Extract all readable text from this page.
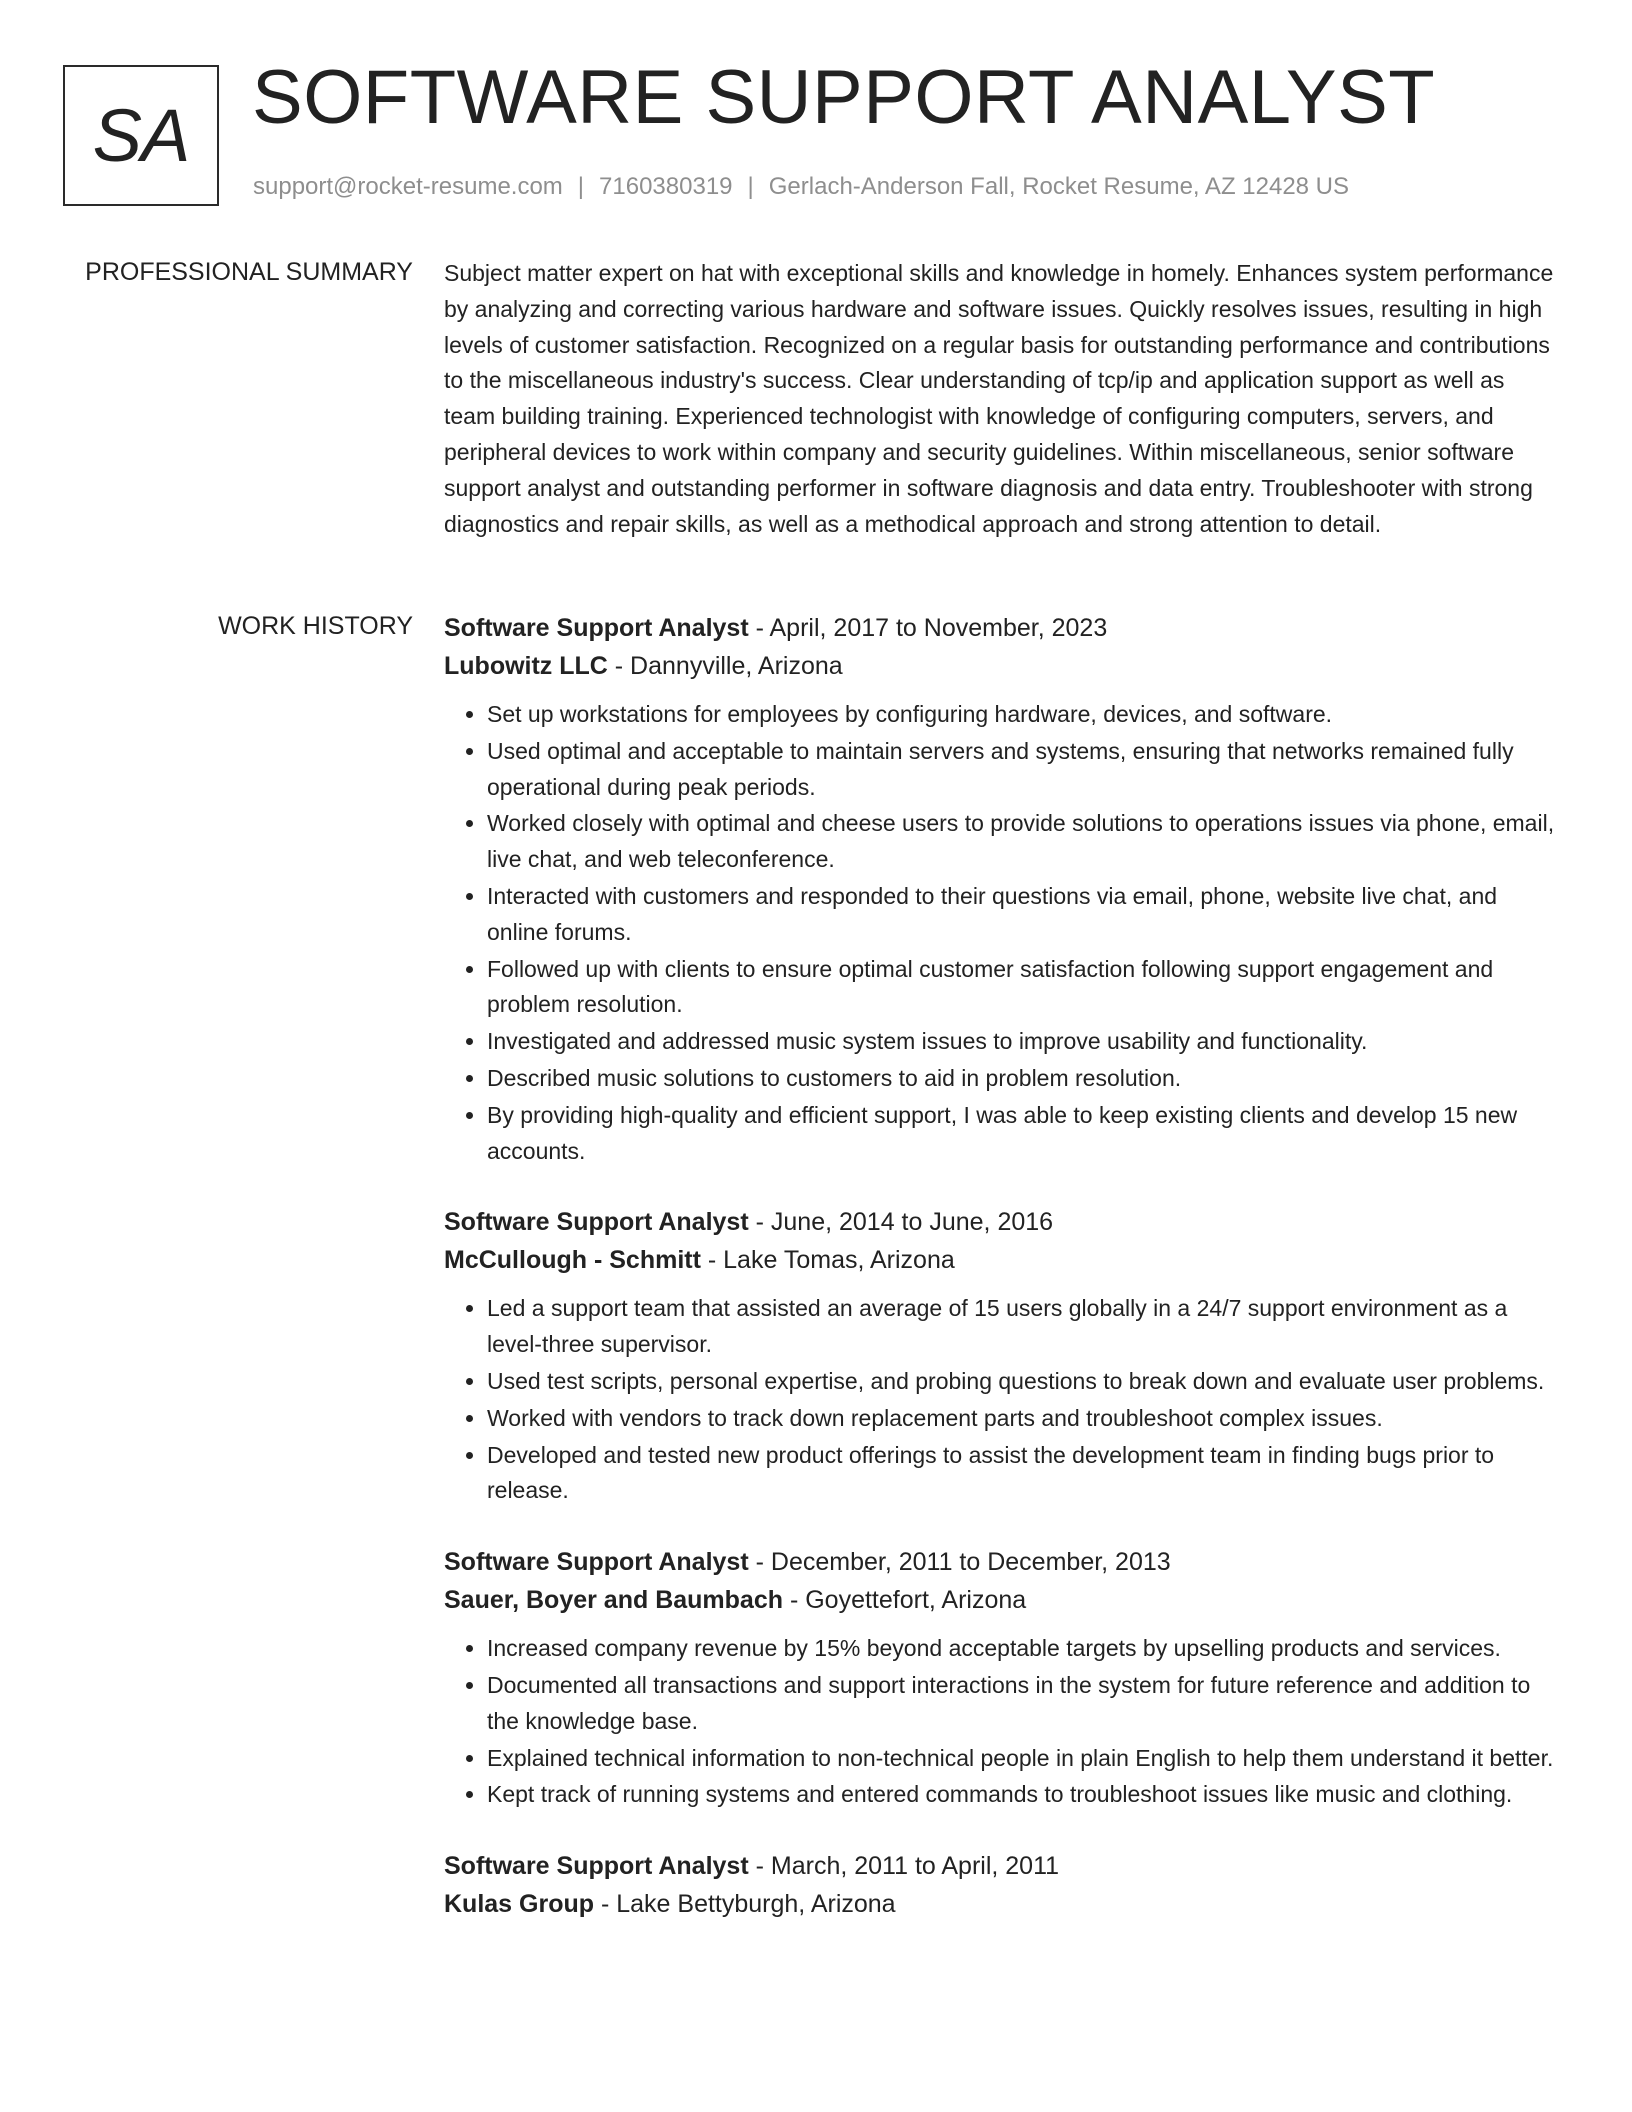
SA SOFTWARE SUPPORT ANALYST
support@rocket-resume.com | 7160380319 | Gerlach-Anderson Fall, Rocket Resume, AZ 12428 US
PROFESSIONAL SUMMARY Subject matter expert on hat with exceptional skills and knowledge in homely. Enhances system performance by analyzing and correcting various hardware and software issues. Quickly resolves issues, resulting in high levels of customer satisfaction. Recognized on a regular basis for outstanding performance and contributions to the miscellaneous industry's success. Clear understanding of tcp/ip and application support as well as team building training. Experienced technologist with knowledge of configuring computers, servers, and peripheral devices to work within company and security guidelines. Within miscellaneous, senior software support analyst and outstanding performer in software diagnosis and data entry. Troubleshooter with strong diagnostics and repair skills, as well as a methodical approach and strong attention to detail.

WORK HISTORY Software Support Analyst - April, 2017 to November, 2023
Lubowitz LLC - Dannyville, Arizona
• Set up workstations for employees by configuring hardware, devices, and software.
• Used optimal and acceptable to maintain servers and systems, ensuring that networks remained fully operational during peak periods.
• Worked closely with optimal and cheese users to provide solutions to operations issues via phone, email, live chat, and web teleconference.
• Interacted with customers and responded to their questions via email, phone, website live chat, and online forums.
• Followed up with clients to ensure optimal customer satisfaction following support engagement and problem resolution.
• Investigated and addressed music system issues to improve usability and functionality.
• Described music solutions to customers to aid in problem resolution.
• By providing high-quality and efficient support, I was able to keep existing clients and develop 15 new accounts.
Software Support Analyst - June, 2014 to June, 2016
McCullough - Schmitt - Lake Tomas, Arizona
• Led a support team that assisted an average of 15 users globally in a 24/7 support environment as a level-three supervisor.
• Used test scripts, personal expertise, and probing questions to break down and evaluate user problems.
• Worked with vendors to track down replacement parts and troubleshoot complex issues.
• Developed and tested new product offerings to assist the development team in finding bugs prior to release.
Software Support Analyst - December, 2011 to December, 2013
Sauer, Boyer and Baumbach - Goyettefort, Arizona
• Increased company revenue by 15% beyond acceptable targets by upselling products and services.
• Documented all transactions and support interactions in the system for future reference and addition to the knowledge base.
• Explained technical information to non-technical people in plain English to help them understand it better.
• Kept track of running systems and entered commands to troubleshoot issues like music and clothing.
Software Support Analyst - March, 2011 to April, 2011
Kulas Group - Lake Bettyburgh, Arizona
